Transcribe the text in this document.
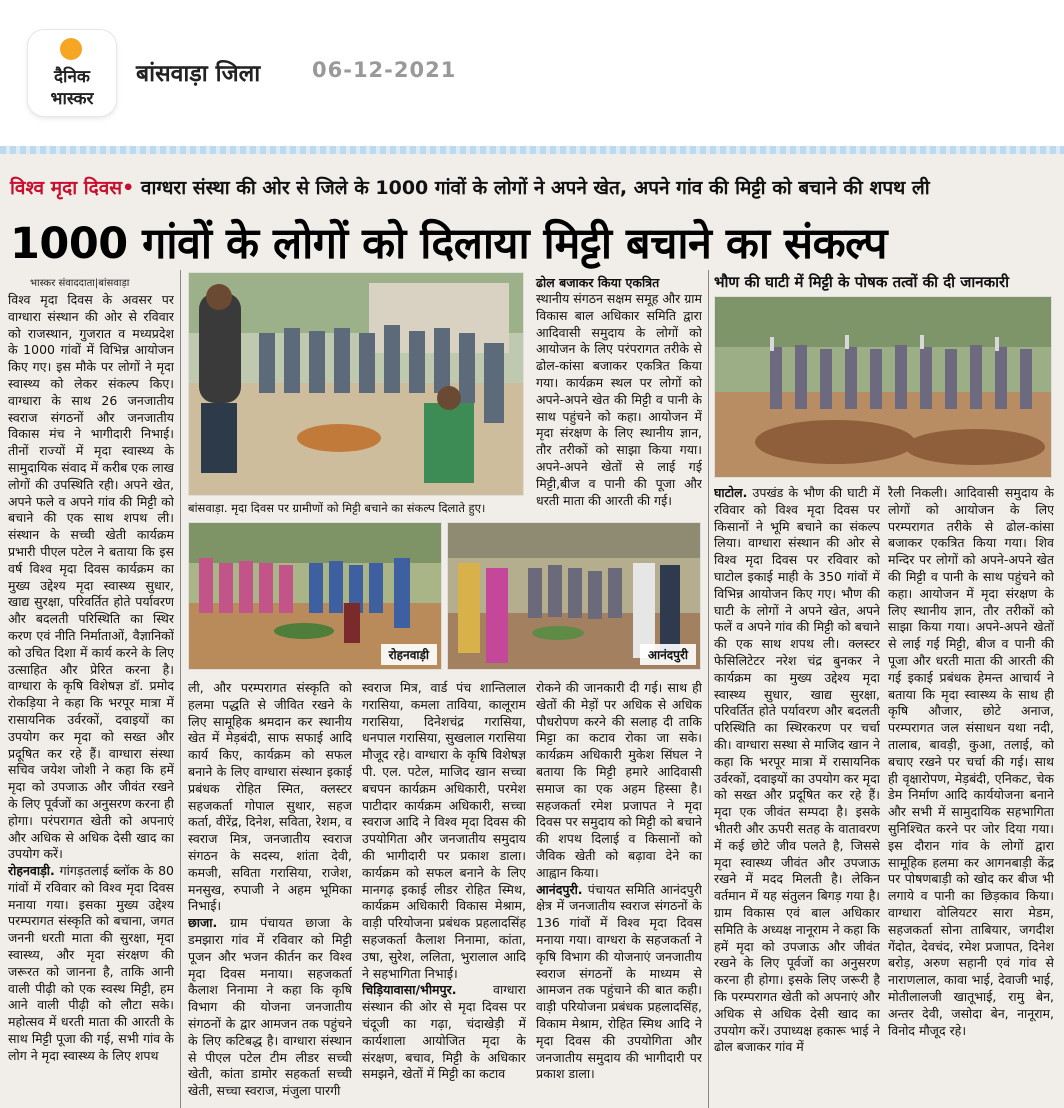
दैनिक
भास्कर
बांसवाड़ा जिला 06-12-2021
विश्व मृदा दिवस• वाग्धरा संस्था की ओर से जिले के 1000 गांवों के लोगों ने अपने खेत, अपने गांव की मिट्टी को बचाने की शपथ ली
1000 गांवों के लोगों को दिलाया मिट्टी बचाने का संकल्प
भास्कर संवाददाता|बांसवाड़ा

विश्व मृदा दिवस के अवसर पर वाग्धारा संस्थान की ओर से रविवार को राजस्थान, गुजरात व मध्यप्रदेश के 1000 गांवों में विभिन्न आयोजन किए गए। इस मौके पर लोगों ने मृदा स्वास्थ्य को लेकर संकल्प किए। वाग्धारा के साथ 26 जनजातीय स्वराज संगठनों और जनजातीय विकास मंच ने भागीदारी निभाई। तीनों राज्यों में मृदा स्वास्थ्य के सामुदायिक संवाद में करीब एक लाख लोगों की उपस्थिति रही। अपने खेत, अपने फले व अपने गांव की मिट्टी को बचाने की एक साथ शपथ ली। संस्थान के सच्ची खेती कार्यक्रम प्रभारी पीएल पटेल ने बताया कि इस वर्ष विश्व मृदा दिवस कार्यक्रम का मुख्य उद्देश्य मृदा स्वास्थ्य सुधार, खाद्य सुरक्षा, परिवर्तित होते पर्यावरण और बदलती परिस्थिति का स्थिर करण एवं नीति निर्माताओं, वैज्ञानिकों को उचित दिशा में कार्य करने के लिए उत्साहित और प्रेरित करना है। वाग्धारा के कृषि विशेषज्ञ डॉ. प्रमोद रोकड़िया ने कहा कि भरपूर मात्रा में रासायनिक उर्वरकों, दवाइयों का उपयोग कर मृदा को सख्त और प्रदूषित कर रहे हैं। वाग्धारा संस्था सचिव जयेश जोशी ने कहा कि हमें मृदा को उपजाऊ और जीवंत रखने के लिए पूर्वजों का अनुसरण करना ही होगा। परंपरागत खेती को अपनाएं और अधिक से अधिक देसी खाद का उपयोग करें।

रोहनवाड़ी. गांगड़तलाई ब्लॉक के 80 गांवों में रविवार को विश्व मृदा दिवस मनाया गया। इसका मुख्य उद्देश्य परम्परागत संस्कृति को बचाना, जगत जननी धरती माता की सुरक्षा, मृदा स्वास्थ्य, और मृदा संरक्षण की जरूरत को जानना है, ताकि आनी वाली पीढ़ी को एक स्वस्थ मिट्टी, हम आने वाली पीढ़ी को लौटा सके। महोत्सव में धरती माता की आरती के साथ मिट्टी पूजा की गई, सभी गांव के लोग ने मृदा स्वास्थ्य के लिए शपथ

बांसवाड़ा. मृदा दिवस पर ग्रामीणों को मिट्टी बचाने का संकल्प दिलाते हुए।
रोहनवाड़ी	आनंदपुरी

ली, और परम्परागत संस्कृति को हलमा पद्धति से जीवित रखने के लिए सामूहिक श्रमदान कर स्थानीय खेत में मेड़बंदी, साफ सफाई आदि कार्य किए, कार्यक्रम को सफल बनाने के लिए वाग्धारा संस्थान इकाई प्रबंधक रोहित स्मित, क्लस्टर सहजकर्ता गोपाल सुथार, सहज कर्ता, वीरेंद्र, दिनेश, सविता, रेशम, व स्वराज मित्र, जनजातीय स्वराज संगठन के सदस्य, शांता देवी, कमजी, सविता गरासिया, राजेश, मनसुख, रुपाजी ने अहम भूमिका निभाई।

छाजा. ग्राम पंचायत छाजा के डमझारा गांव में रविवार को मिट्टी पूजन और भजन कीर्तन कर विश्व मृदा दिवस मनाया। सहजकर्ता कैलाश निनामा ने कहा कि कृषि विभाग की योजना जनजातीय संगठनों के द्वार आमजन तक पहुंचने के लिए कटिबद्ध है। वाग्धारा संस्थान से पीएल पटेल टीम लीडर सच्ची खेती, कांता डामोर सहकर्ता सच्ची खेती, सच्चा स्वराज, मंजुला पारगी

स्वराज मित्र, वार्ड पंच शान्तिलाल गरासिया, कमला ताविया, कालूराम गरासिया, दिनेशचंद्र गरासिया, धनपाल गरासिया, सुखलाल गरासिया मौजूद रहे। वाग्धारा के कृषि विशेषज्ञ पी. एल. पटेल, माजिद खान सच्चा बचपन कार्यक्रम अधिकारी, परमेश पाटीदार कार्यक्रम अधिकारी, सच्चा स्वराज आदि ने विश्व मृदा दिवस की उपयोगिता और जनजातीय समुदाय की भागीदारी पर प्रकाश डाला। कार्यक्रम को सफल बनाने के लिए मानगढ़ इकाई लीडर रोहित स्मिथ, कार्यक्रम अधिकारी विकास मेश्राम, वाड़ी परियोजना प्रबंधक प्रहलादसिंह सहजकर्ता कैलाश निनामा, कांता, उषा, सुरेश, ललिता, भुरालाल आदि ने सहभागिता निभाई।

चिड़ियावासा/भीमपुर.	वाग्धारा संस्थान की ओर से मृदा दिवस पर चंदूजी का गढ़ा, चंदाखेड़ी में कार्यशाला आयोजित मृदा के संरक्षण, बचाव, मिट्टी के अधिकार समझने, खेतों में मिट्टी का कटाव

ढोल बजाकर किया एकत्रित

स्थानीय संगठन सक्षम समूह और ग्राम विकास बाल अधिकार समिति द्वारा आदिवासी समुदाय के लोगों को आयोजन के लिए परंपरागत तरीके से ढोल-कांसा बजाकर एकत्रित किया गया। कार्यक्रम स्थल पर लोगों को अपने-अपने खेत की मिट्टी व पानी के साथ पहुंचने को कहा। आयोजन में मृदा संरक्षण के लिए स्थानीय ज्ञान, तौर तरीकों को साझा किया गया। अपने-अपने खेतों से लाई गई मिट्टी,बीज व पानी की पूजा और धरती माता की आरती की गई।

रोकने की जानकारी दी गई। साथ ही खेतों की मेड़ों पर अधिक से अधिक पौधरोपण करने की सलाह दी ताकि मिट्टा का कटाव रोका जा सके। कार्यक्रम अधिकारी मुकेश सिंघल ने बताया कि मिट्टी हमारे आदिवासी समाज का एक अहम हिस्सा है। सहजकर्ता रमेश प्रजापत ने मृदा दिवस पर समुदाय को मिट्टी को बचाने की शपथ दिलाई व किसानों को जैविक खेती को बढ़ावा देने का आह्वान किया।

आनंदपुरी. पंचायत समिति आनंदपुरी क्षेत्र में जनजातीय स्वराज संगठनों के 136 गांवों में विश्व मृदा दिवस मनाया गया। वाग्धरा के सहजकर्ता ने कृषि विभाग की योजनाएं जनजातीय स्वराज संगठनों के माध्यम से आमजन तक पहुंचाने की बात कही। वाड़ी परियोजना प्रबंधक प्रहलादसिंह, विकाम मेश्राम, रोहित स्मिथ आदि ने मृदा दिवस की उपयोगिता और जनजातीय समुदाय की भागीदारी पर प्रकाश डाला।

भौण की घाटी में मिट्टी के पोषक तत्वों की दी जानकारी

घाटोल. उपखंड के भौण की घाटी में रविवार को विश्व मृदा दिवस पर किसानों ने भूमि बचाने का संकल्प लिया। वाग्धारा संस्थान की ओर से विश्व मृदा दिवस पर रविवार को घाटोल इकाई माही के 350 गांवों में विभिन्न आयोजन किए गए। भौण की घाटी के लोगों ने अपने खेत, अपने फलें व अपने गांव की मिट्टी को बचाने की एक साथ शपथ ली। क्लस्टर फेसिलिटेटर नरेश चंद्र बुनकर ने कार्यक्रम का मुख्य उद्देश्य मृदा स्वास्थ्य सुधार, खाद्य सुरक्षा, परिवर्तित होते पर्यावरण और बदलती परिस्थिति का स्थिरकरण पर चर्चा की। वाग्धारा सस्था से माजिद खान ने कहा कि भरपूर मात्रा में रासायनिक उर्वरकों, दवाइयों का उपयोग कर मृदा को सख्त और प्रदूषित कर रहे हैं। मृदा एक जीवंत सम्पदा है। इसके भीतरी और ऊपरी सतह के वातावरण में कई छोटे जीव पलते है, जिससे मृदा स्वास्थ्य जीवंत और उपजाऊ रखने में मदद मिलती है। लेकिन वर्तमान में यह संतुलन बिगड़ गया है। ग्राम विकास एवं बाल अधिकार समिति के अध्यक्ष नानूराम ने कहा कि हमें मृदा को उपजाऊ और जीवंत रखने के लिए पूर्वजों का अनुसरण करना ही होगा। इसके लिए जरूरी है कि परम्परागत खेती को अपनाएं और अधिक से अधिक देसी खाद का उपयोग करें। उपाध्यक्ष हकारू भाई ने ढोल बजाकर गांव में

रैली निकली। आदिवासी समुदाय के लोगों को आयोजन के लिए परम्परागत तरीके से ढोल-कांसा बजाकर एकत्रित किया गया। शिव मन्दिर पर लोगों को अपने-अपने खेत की मिट्टी व पानी के साथ पहुंचने को कहा। आयोजन में मृदा संरक्षण के लिए स्थानीय ज्ञान, तौर तरीकों को साझा किया गया। अपने-अपने खेतों से लाई गई मिट्टी, बीज व पानी की पूजा और धरती माता की आरती की गई इकाई प्रबंधक हेमन्त आचार्य ने बताया कि मृदा स्वास्थ्य के साथ ही कृषि औजार, छोटे अनाज, परम्परागत जल संसाधन यथा नदी, तालाब, बावड़ी, कुआ, तलाई, को बचाए रखने पर चर्चा की गई। साथ ही वृक्षारोपण, मेड़बंदी, एनिकट, चेक डेम निर्माण आदि कार्ययोजना बनाने और सभी में सामुदायिक सहभागिता सुनिश्चित करने पर जोर दिया गया। इस दौरान गांव के लोगों द्वारा सामूहिक हलमा कर आगनबाड़ी केंद्र पर पोषणबाड़ी को खोद कर बीज भी लगाये व पानी का छिड़काव किया। वाग्धारा वोलियटर सारा मेडम, सहजकर्ता सोना ताबियार, जगदीश गेंदोत, देवचंद, रमेश प्रजापत, दिनेश बरोड़, अरुण सहानी एवं गांव से नाराणलाल, कावा भाई, देवाजी भाई, मोतीलालजी खातूभाई, रामु बेन, अन्तर देवी, जसोदा बेन, नानूराम, विनोद मौजूद रहे।
